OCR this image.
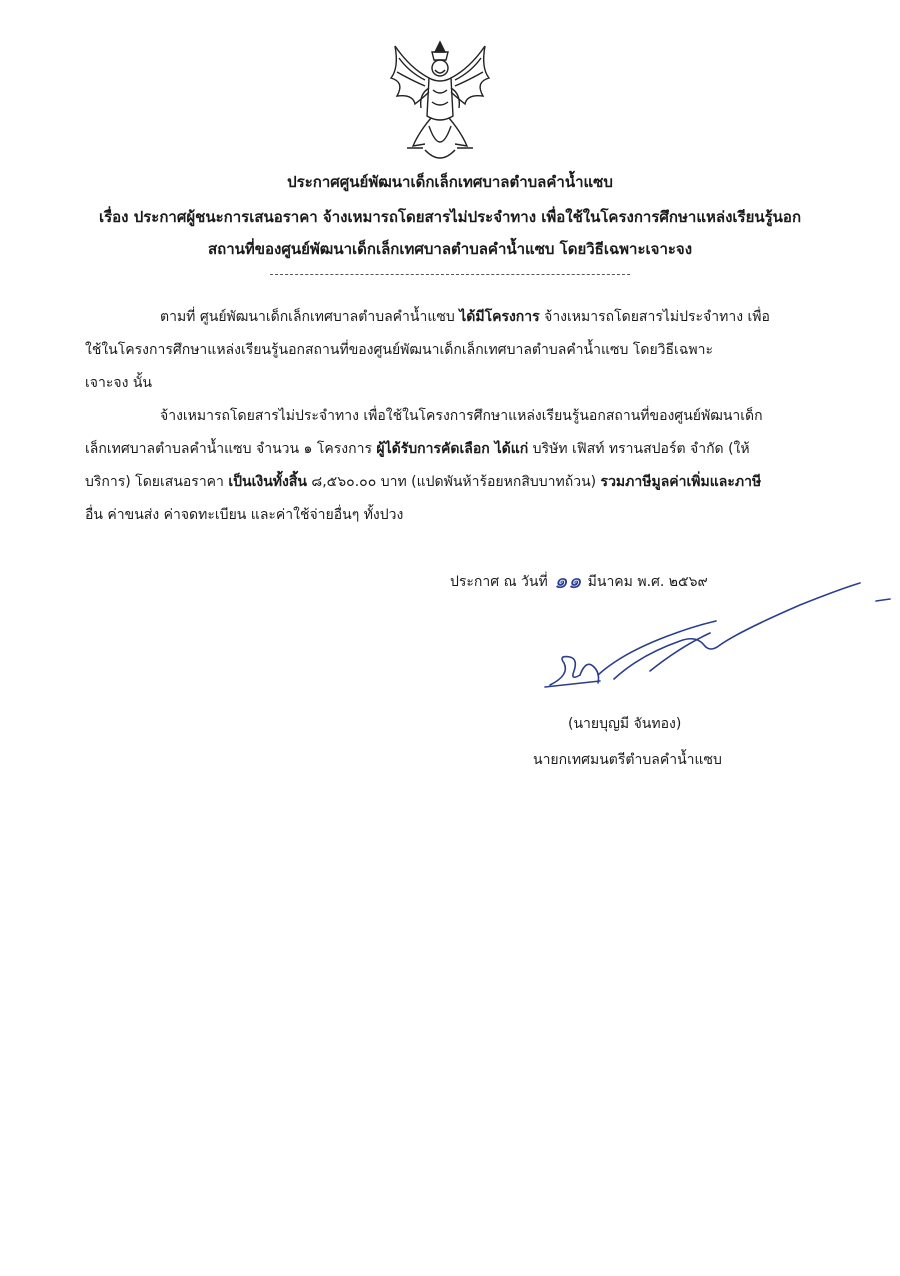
ประกาศศูนย์พัฒนาเด็กเล็กเทศบาลตำบลคำน้ำแซบ
เรื่อง ประกาศผู้ชนะการเสนอราคา จ้างเหมารถโดยสารไม่ประจำทาง เพื่อใช้ในโครงการศึกษาแหล่งเรียนรู้นอก
สถานที่ของศูนย์พัฒนาเด็กเล็กเทศบาลตำบลคำน้ำแซบ โดยวิธีเฉพาะเจาะจง
ตามที่ ศูนย์พัฒนาเด็กเล็กเทศบาลตำบลคำน้ำแซบ ได้มีโครงการ จ้างเหมารถโดยสารไม่ประจำทาง เพื่อ
ใช้ในโครงการศึกษาแหล่งเรียนรู้นอกสถานที่ของศูนย์พัฒนาเด็กเล็กเทศบาลตำบลคำน้ำแซบ โดยวิธีเฉพาะ
เจาะจง นั้น
จ้างเหมารถโดยสารไม่ประจำทาง เพื่อใช้ในโครงการศึกษาแหล่งเรียนรู้นอกสถานที่ของศูนย์พัฒนาเด็ก
เล็กเทศบาลตำบลคำน้ำแซบ จำนวน ๑ โครงการ ผู้ได้รับการคัดเลือก ได้แก่ บริษัท เฟิสท์ ทรานสปอร์ต จำกัด (ให้
บริการ) โดยเสนอราคา เป็นเงินทั้งสิ้น ๘,๕๖๐.๐๐ บาท (แปดพันห้าร้อยหกสิบบาทถ้วน) รวมภาษีมูลค่าเพิ่มและภาษี
อื่น ค่าขนส่ง ค่าจดทะเบียน และค่าใช้จ่ายอื่นๆ ทั้งปวง
ประกาศ ณ วันที่ ๑๑ มีนาคม พ.ศ. ๒๕๖๙
(นายบุญมี จันทอง)
นายกเทศมนตรีตำบลคำน้ำแซบ
